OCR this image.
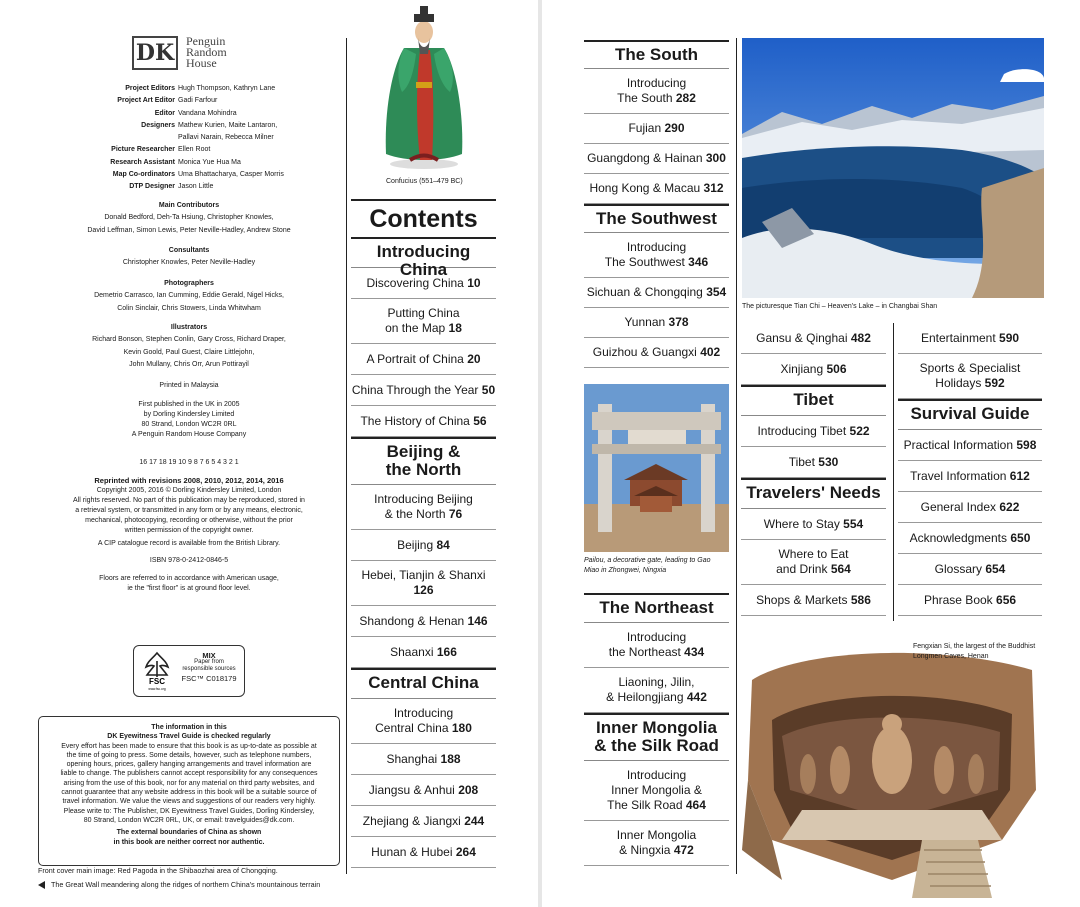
DK Penguin
Random
House
Project Editors Hugh Thompson, Kathryn Lane
Project Art Editor Gadi Farfour
Editor Vandana Mohindra
Designers Mathew Kurien, Maite Lantaron,
Pallavi Narain, Rebecca Milner
Picture Researcher Ellen Root
Research Assistant Monica Yue Hua Ma
Map Co-ordinators Uma Bhattacharya, Casper Morris
DTP Designer Jason Little
Main Contributors
Donald Bedford, Deh-Ta Hsiung, Christopher Knowles,
David Leffman, Simon Lewis, Peter Neville-Hadley, Andrew Stone
Consultants
Christopher Knowles, Peter Neville-Hadley
Photographers
Demetrio Carrasco, Ian Cumming, Eddie Gerald, Nigel Hicks,
Colin Sinclair, Chris Stowers, Linda Whitwham
Illustrators
Richard Bonson, Stephen Conlin, Gary Cross, Richard Draper,
Kevin Goold, Paul Guest, Claire Littlejohn,
John Mullany, Chris Orr, Arun Pottirayil
Printed in Malaysia
First published in the UK in 2005
by Dorling Kindersley Limited
80 Strand, London WC2R 0RL
A Penguin Random House Company
16 17 18 19 10 9 8 7 6 5 4 3 2 1
Reprinted with revisions 2008, 2010, 2012, 2014, 2016
Copyright 2005, 2016 © Dorling Kindersley Limited, London
All rights reserved. No part of this publication may be reproduced, stored in
a retrieval system, or transmitted in any form or by any means, electronic,
mechanical, photocopying, recording or otherwise, without the prior
written permission of the copyright owner.
A CIP catalogue record is available from the British Library.
ISBN 978-0-2412-0846-5
Floors are referred to in accordance with American usage,
ie the "first floor" is at ground floor level.
FSC
www.fsc.org
MIX
Paper from
responsible sources
FSC™ C018179
The information in this
DK Eyewitness Travel Guide is checked regularly
Every effort has been made to ensure that this book is as up-to-date as possible at
the time of going to press. Some details, however, such as telephone numbers,
opening hours, prices, gallery hanging arrangements and travel information are
liable to change. The publishers cannot accept responsibility for any consequences
arising from the use of this book, nor for any material on third party websites, and
cannot guarantee that any website address in this book will be a suitable source of
travel information. We value the views and suggestions of our readers very highly.
Please write to: The Publisher, DK Eyewitness Travel Guides, Dorling Kindersley,
80 Strand, London WC2R 0RL, UK, or email: travelguides@dk.com.
The external boundaries of China as shown
in this book are neither correct nor authentic.
Front cover main image: Red Pagoda in the Shibaozhai area of Chongqing.
The Great Wall meandering along the ridges of northern China's mountainous terrain
Confucius (551–479 BC)
Contents
Introducing China
Discovering China 10
Putting China
on the Map 18
A Portrait of China 20
China Through the Year 50
The History of China 56
Beijing &
the North
Introducing Beijing
& the North 76
Beijing 84
Hebei, Tianjin & Shanxi
126
Shandong & Henan 146
Shaanxi 166
Central China
Introducing
Central China 180
Shanghai 188
Jiangsu & Anhui 208
Zhejiang & Jiangxi 244
Hunan & Hubei 264
The South
Introducing
The South 282
Fujian 290
Guangdong & Hainan 300
Hong Kong & Macau 312
The Southwest
Introducing
The Southwest 346
Sichuan & Chongqing 354
Yunnan 378
Guizhou & Guangxi 402
Pailou, a decorative gate, leading to Gao
Miao in Zhongwei, Ningxia
The Northeast
Introducing
the Northeast 434
Liaoning, Jilin,
& Heilongjiang 442
Inner Mongolia
& the Silk Road
Introducing
Inner Mongolia &
The Silk Road 464
Inner Mongolia
& Ningxia 472
The picturesque Tian Chi – Heaven's Lake – in Changbai Shan
Gansu & Qinghai 482
Xinjiang 506
Tibet
Introducing Tibet 522
Tibet 530
Travelers' Needs
Where to Stay 554
Where to Eat
and Drink 564
Shops & Markets 586
Entertainment 590
Sports & Specialist
Holidays 592
Survival Guide
Practical Information 598
Travel Information 612
General Index 622
Acknowledgments 650
Glossary 654
Phrase Book 656
Fengxian Si, the largest of the Buddhist
Longmen Caves, Henan
